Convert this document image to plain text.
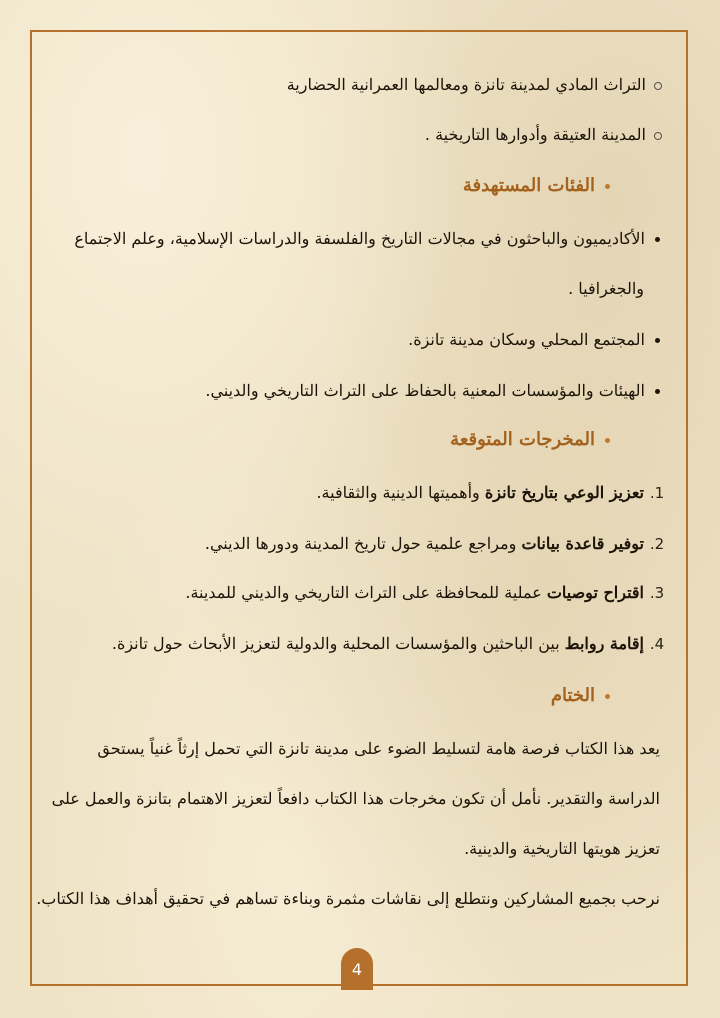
التراث المادي لمدينة تانزة ومعالمها العمرانية الحضارية
المدينة العتيقة وأدوارها التاريخية .
الفئات المستهدفة
الأكاديميون والباحثون في مجالات التاريخ والفلسفة والدراسات الإسلامية، وعلم الاجتماع
والجغرافيا .
المجتمع المحلي وسكان مدينة تانزة.
الهيئات والمؤسسات المعنية بالحفاظ على التراث التاريخي والديني.
المخرجات المتوقعة
1.تعزيز الوعي بتاريخ تانزة وأهميتها الدينية والثقافية.
2.توفير قاعدة بيانات ومراجع علمية حول تاريخ المدينة ودورها الديني.
3.اقتراح توصيات عملية للمحافظة على التراث التاريخي والديني للمدينة.
4.إقامة روابط بين الباحثين والمؤسسات المحلية والدولية لتعزيز الأبحاث حول تانزة.
الختام
يعد هذا الكتاب فرصة هامة لتسليط الضوء على مدينة تانزة التي تحمل إرثاً غنياً يستحق
الدراسة والتقدير. نأمل أن تكون مخرجات هذا الكتاب دافعاً لتعزيز الاهتمام بتانزة والعمل على
تعزيز هويتها التاريخية والدينية.
نرحب بجميع المشاركين ونتطلع إلى نقاشات مثمرة وبناءة تساهم في تحقيق أهداف هذا الكتاب.
4
